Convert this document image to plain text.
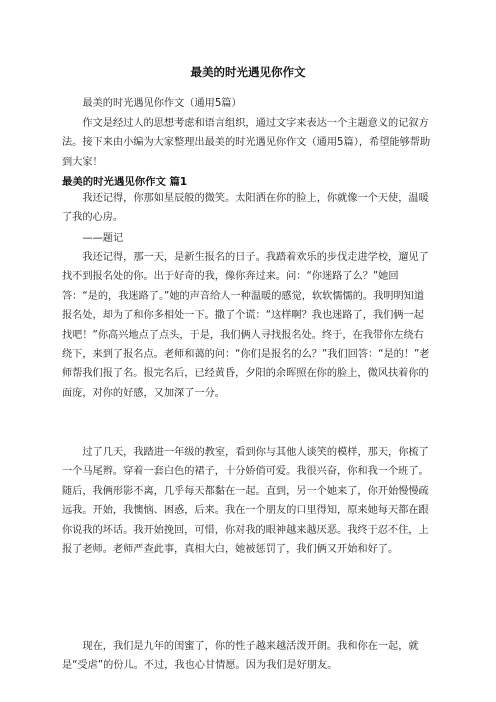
最美的时光遇见你作文
最美的时光遇见你作文（通用5篇）
作文是经过人的思想考虑和语言组织，通过文字来表达一个主题意义的记叙方法。接下来由小编为大家整理出最美的时光遇见你作文（通用5篇），希望能够帮助到大家！
最美的时光遇见你作文 篇1
我还记得，你那如星辰般的微笑。太阳洒在你的脸上，你就像一个天使，温暖了我的心房。
——题记
我还记得，那一天，是新生报名的日子。我踏着欢乐的步伐走进学校，遛见了找不到报名处的你。出于好奇的我，像你奔过来。问：“你迷路了么？”她回答：“是的，我迷路了。”她的声音给人一种温暖的感觉，软软懦懦的。我明明知道报名处，却为了和你多相处一下。撒了个谎：“这样啊？我也迷路了，我们俩一起找吧！”你高兴地点了点头，于是，我们俩人寻找报名处。终于，在我带你左绕右绕下，来到了报名点。老师和蔼的问：“你们是报名的么？”我们回答：“是的！”老师帮我们报了名。报完名后，已经黄昏，夕阳的余晖照在你的脸上，微风扶着你的面庞，对你的好感，又加深了一分。
过了几天，我踏进一年级的教室，看到你与其他人谈笑的模样，那天，你梳了一个马尾辫。穿着一套白色的裙子，十分娇俏可爱。我很兴奋，你和我一个班了。随后，我俩形影不离，几乎每天都黏在一起。直到，另一个她来了，你开始慢慢疏远我。开始，我懊恼、困惑，后来。我在一个朋友的口里得知，原来她每天都在跟你说我的坏话。我开始挽回，可惜，你对我的眼神越来越厌恶。我终于忍不住，上报了老师。老师严查此事，真相大白，她被惩罚了，我们俩又开始和好了。
现在，我们是九年的闺蜜了，你的性子越来越活泼开朗。我和你在一起，就是“受虐”的份儿。不过，我也心甘情愿。因为我们是好朋友。
